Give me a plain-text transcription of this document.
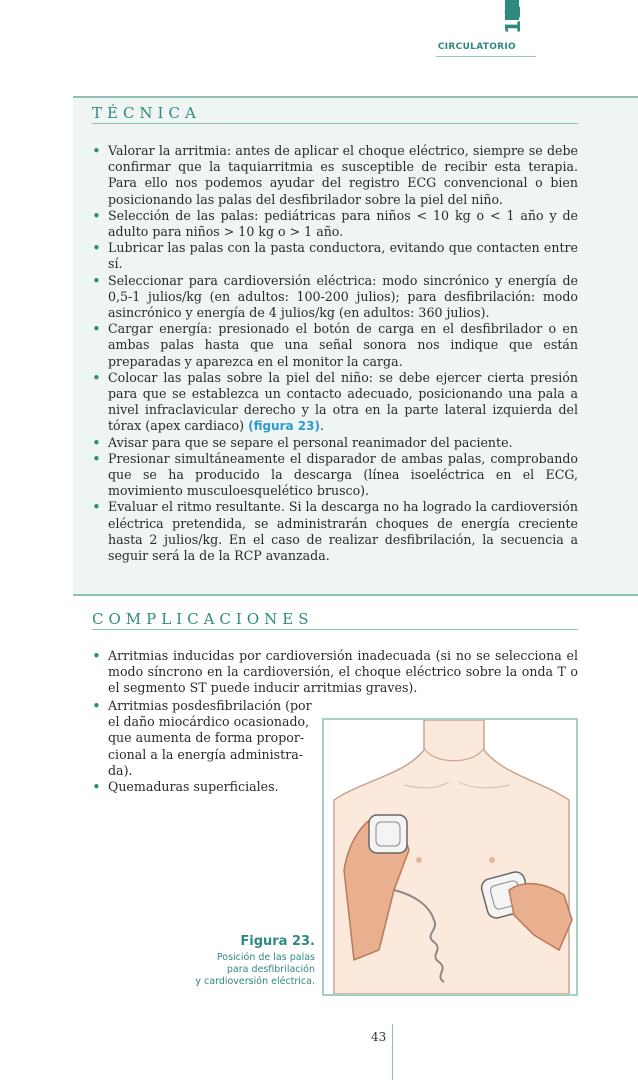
12
CIRCULATORIO
TÉCNICA
• Valorar la arritmia: antes de aplicar el choque eléctrico, siempre se debe confirmar que la taquiarritmia es susceptible de recibir esta terapia. Para ello nos podemos ayudar del registro ECG convencional o bien posicionando las palas del desfibrilador sobre la piel del niño.
• Selección de las palas: pediátricas para niños < 10 kg o < 1 año y de adulto para niños > 10 kg o > 1 año.
• Lubricar las palas con la pasta conductora, evitando que contacten entre sí.
• Seleccionar para cardioversión eléctrica: modo sincrónico y energía de 0,5-1 julios/kg (en adultos: 100-200 julios); para desfibrilación: modo asincrónico y energía de 4 julios/kg (en adultos: 360 julios).
• Cargar energía: presionado el botón de carga en el desfibrilador o en ambas palas hasta que una señal sonora nos indique que están preparadas y aparezca en el monitor la carga.
• Colocar las palas sobre la piel del niño: se debe ejercer cierta presión para que se establezca un contacto adecuado, posicionando una pala a nivel infraclavicular derecho y la otra en la parte lateral izquierda del tórax (apex cardiaco) (figura 23).
• Avisar para que se separe el personal reanimador del paciente.
• Presionar simultáneamente el disparador de ambas palas, comprobando que se ha producido la descarga (línea isoeléctrica en el ECG, movimiento musculoesquelético brusco).
• Evaluar el ritmo resultante. Si la descarga no ha logrado la cardioversión eléctrica pretendida, se administrarán choques de energía creciente hasta 2 julios/kg. En el caso de realizar desfibrilación, la secuencia a seguir será la de la RCP avanzada.
COMPLICACIONES
• Arritmias inducidas por cardioversión inadecuada (si no se selecciona el modo síncrono en la cardioversión, el choque eléctrico sobre la onda T o el segmento ST puede inducir arritmias graves).
• Arritmias posdesfibrilación (por
el daño miocárdico ocasionado,
que aumenta de forma propor-
cional a la energía administra-
da).
• Quemaduras superficiales.
Figura 23.
Posición de las palas
para desfibrilación
y cardioversión eléctrica.
43
